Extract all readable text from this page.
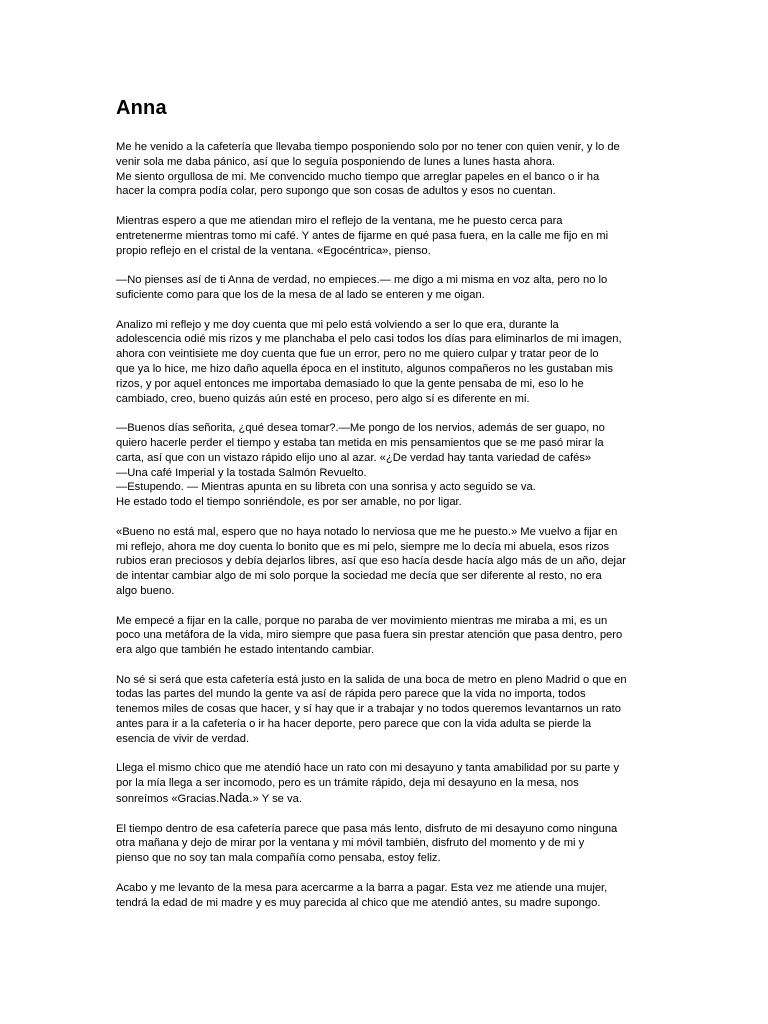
Anna
Me he venido a la cafetería que llevaba tiempo posponiendo solo por no tener con quien venir, y lo de
venir sola me daba pánico, así que lo seguía posponiendo de lunes a lunes hasta ahora.
Me siento orgullosa de mi. Me convencido mucho tiempo que arreglar papeles en el banco o ir ha
hacer la compra podía colar, pero supongo que son cosas de adultos y esos no cuentan.
Mientras espero a que me atiendan miro el reflejo de la ventana, me he puesto cerca para
entretenerme mientras tomo mi café. Y antes de fijarme en qué pasa fuera, en la calle me fijo en mi
propio reflejo en el cristal de la ventana. «Egocéntrica», pienso.
—No pienses así de ti Anna de verdad, no empieces.— me digo a mi misma en voz alta, pero no lo
suficiente como para que los de la mesa de al lado se enteren y me oigan.
Analizo mi reflejo y me doy cuenta que mi pelo está volviendo a ser lo que era, durante la
adolescencia odié mis rizos y me planchaba el pelo casi todos los días para eliminarlos de mi imagen,
ahora con veintisiete me doy cuenta que fue un error, pero no me quiero culpar y tratar peor de lo
que ya lo hice, me hizo daño aquella época en el instituto, algunos compañeros no les gustaban mis
rizos, y por aquel entonces me importaba demasiado lo que la gente pensaba de mi, eso lo he
cambiado, creo, bueno quizás aún esté en proceso, pero algo sí es diferente en mi.
—Buenos días señorita, ¿qué desea tomar?.—Me pongo de los nervios, además de ser guapo, no
quiero hacerle perder el tiempo y estaba tan metida en mis pensamientos que se me pasó mirar la
carta, así que con un vistazo rápido elijo uno al azar. «¿De verdad hay tanta variedad de cafés»
—Una café Imperial y la tostada Salmón Revuelto.
—Estupendo. — Mientras apunta en su libreta con una sonrisa y acto seguido se va.
He estado todo el tiempo sonriéndole, es por ser amable, no por ligar.
«Bueno no está mal, espero que no haya notado lo nerviosa que me he puesto.» Me vuelvo a fijar en
mi reflejo, ahora me doy cuenta lo bonito que es mi pelo, siempre me lo decía mi abuela, esos rizos
rubios eran preciosos y debía dejarlos libres, así que eso hacía desde hacía algo más de un año, dejar
de intentar cambiar algo de mi solo porque la sociedad me decía que ser diferente al resto, no era
algo bueno.
Me empecé a fijar en la calle, porque no paraba de ver movimiento mientras me miraba a mi, es un
poco una metáfora de la vida, miro siempre que pasa fuera sin prestar atención que pasa dentro, pero
era algo que también he estado intentando cambiar.
No sé si será que esta cafetería está justo en la salida de una boca de metro en pleno Madrid o que en
todas las partes del mundo la gente va así de rápida pero parece que la vida no importa, todos
tenemos miles de cosas que hacer, y sí hay que ir a trabajar y no todos queremos levantarnos un rato
antes para ir a la cafetería o ir ha hacer deporte, pero parece que con la vida adulta se pierde la
esencia de vivir de verdad.
Llega el mismo chico que me atendió hace un rato con mi desayuno y tanta amabilidad por su parte y
por la mía llega a ser incomodo, pero es un trámite rápido, deja mi desayuno en la mesa, nos
sonreímos «Gracias.Nada.» Y se va.
El tiempo dentro de esa cafetería parece que pasa más lento, disfruto de mi desayuno como ninguna
otra mañana y dejo de mirar por la ventana y mi móvil también, disfruto del momento y de mi y
pienso que no soy tan mala compañía como pensaba, estoy feliz.
Acabo y me levanto de la mesa para acercarme a la barra a pagar. Esta vez me atiende una mujer,
tendrá la edad de mi madre y es muy parecida al chico que me atendió antes, su madre supongo.
